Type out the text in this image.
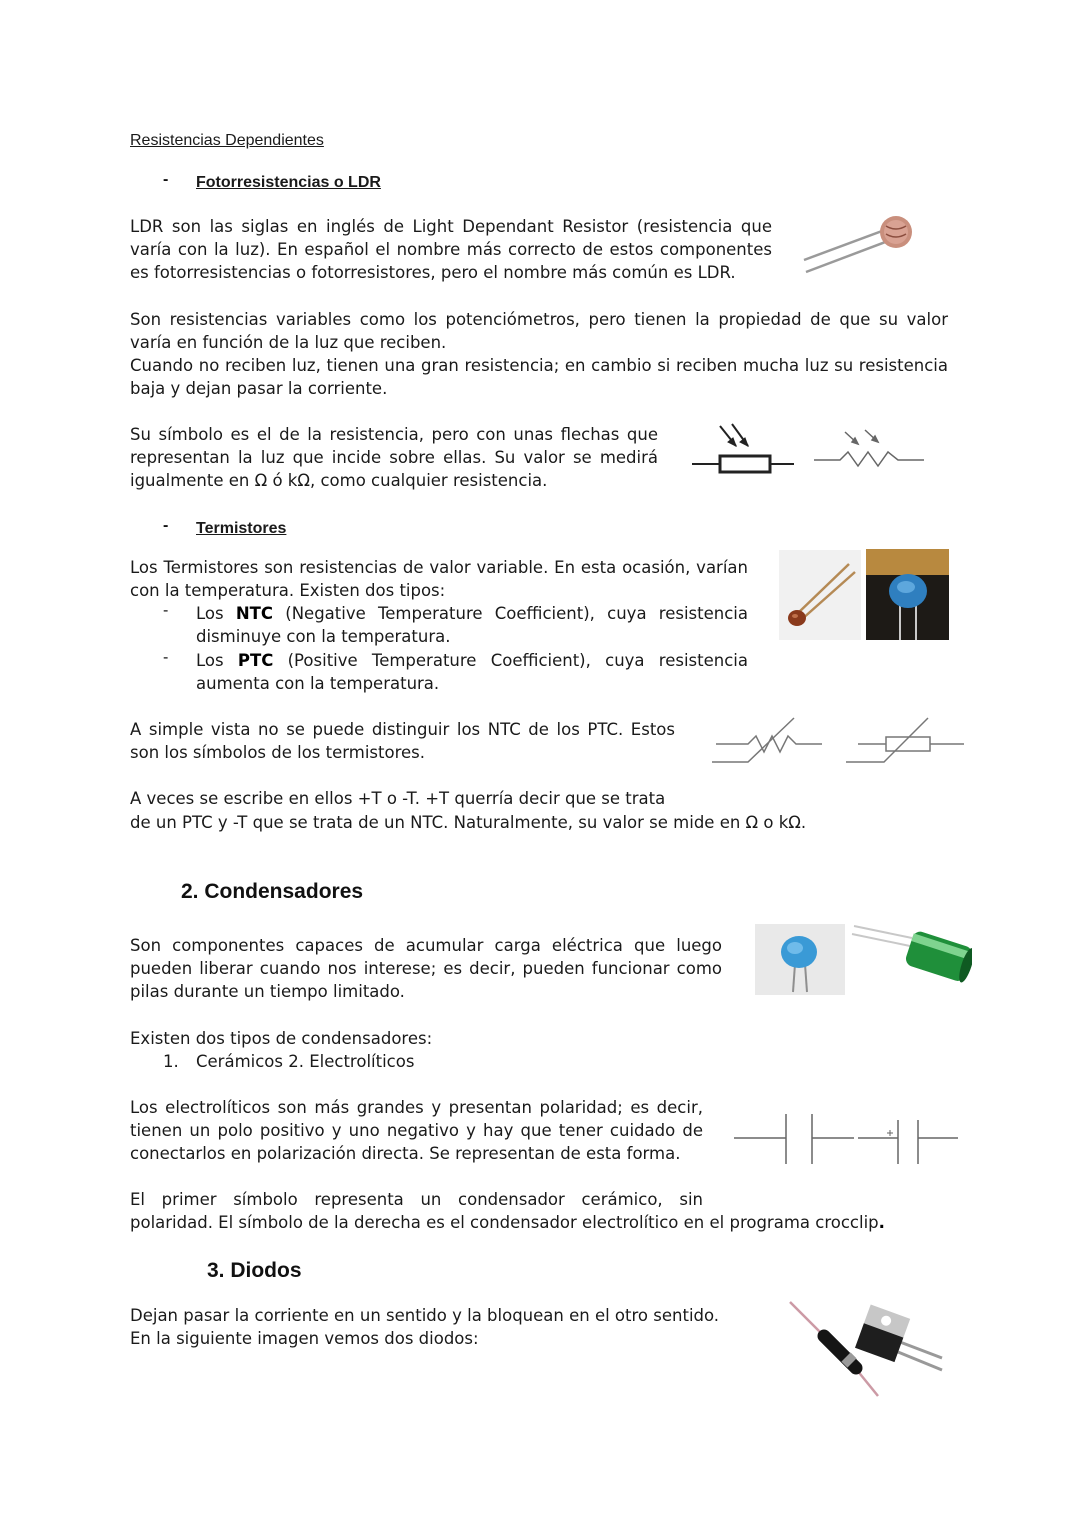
Resistencias Dependientes
- Fotorresistencias o LDR
LDR son las siglas en inglés de Light Dependant Resistor (resistencia que varía con la luz). En español el nombre más correcto de estos componentes es fotorresistencias o fotorresistores, pero el nombre más común es LDR.
Son resistencias variables como los potenciómetros, pero tienen la propiedad de que su valor varía en función de la luz que reciben.
Cuando no reciben luz, tienen una gran resistencia; en cambio si reciben mucha luz su resistencia baja y dejan pasar la corriente.
Su símbolo es el de la resistencia, pero con unas flechas que representan la luz que incide sobre ellas. Su valor se medirá igualmente en Ω ó kΩ, como cualquier resistencia.
- Termistores
Los Termistores son resistencias de valor variable. En esta ocasión, varían con la temperatura. Existen dos tipos:
- Los NTC (Negative Temperature Coefficient), cuya resistencia disminuye con la temperatura.
- Los PTC (Positive Temperature Coefficient), cuya resistencia aumenta con la temperatura.
A simple vista no se puede distinguir los NTC de los PTC. Estos son los símbolos de los termistores.
A veces se escribe en ellos +T o -T. +T querría decir que se trata
de un PTC y -T que se trata de un NTC. Naturalmente, su valor se mide en Ω o kΩ.
2. Condensadores
Son componentes capaces de acumular carga eléctrica que luego pueden liberar cuando nos interese; es decir, pueden funcionar como pilas durante un tiempo limitado.
Existen dos tipos de condensadores:
1. Cerámicos 2. Electrolíticos
Los electrolíticos son más grandes y presentan polaridad; es decir, tienen un polo positivo y uno negativo y hay que tener cuidado de conectarlos en polarización directa. Se representan de esta forma.
El primer símbolo representa un condensador cerámico, sin
polaridad. El símbolo de la derecha es el condensador electrolítico en el programa crocclip.
3. Diodos
Dejan pasar la corriente en un sentido y la bloquean en el otro sentido.
En la siguiente imagen vemos dos diodos:
